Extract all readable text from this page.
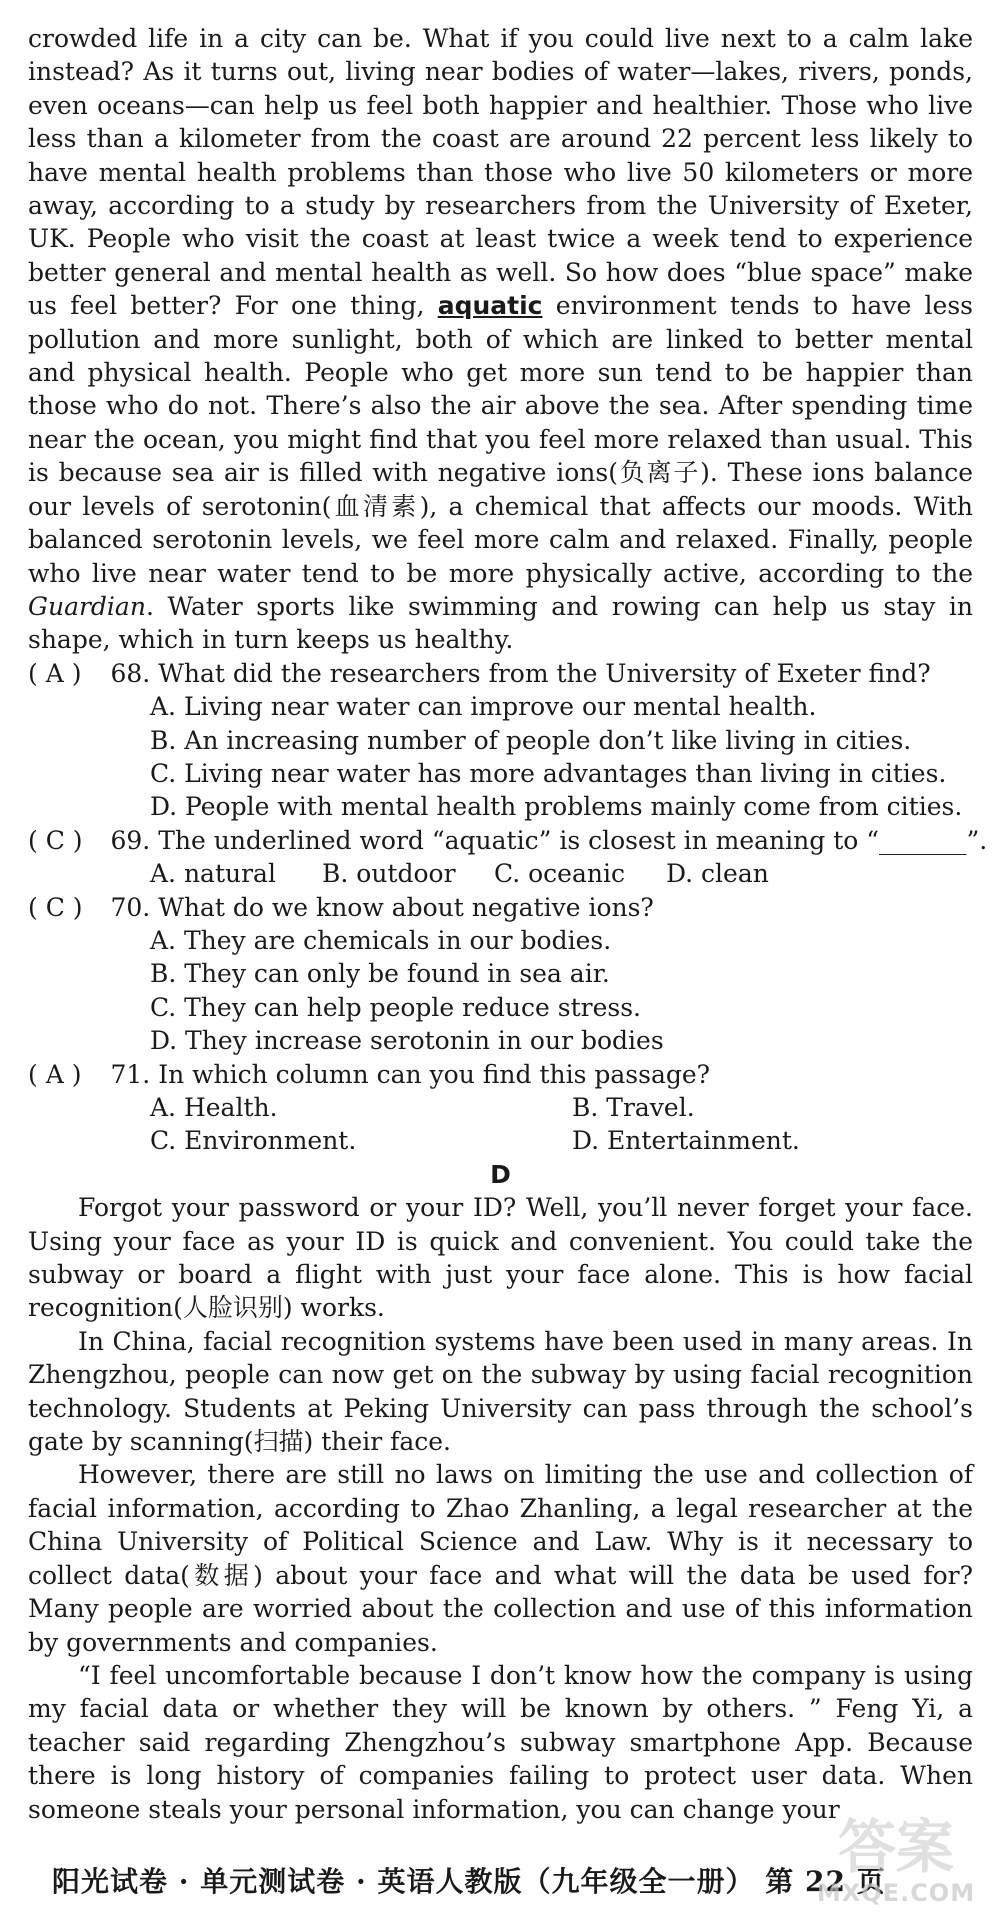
crowded life in a city can be. What if you could live next to a calm lake instead? As it turns out, living near bodies of water—lakes, rivers, ponds, even oceans—can help us feel both happier and healthier. Those who live less than a kilometer from the coast are around 22 percent less likely to have mental health problems than those who live 50 kilometers or more away, according to a study by researchers from the University of Exeter, UK. People who visit the coast at least twice a week tend to experience better general and mental health as well. So how does “blue space” make us feel better? For one thing, aquatic environment tends to have less pollution and more sunlight, both of which are linked to better mental and physical health. People who get more sun tend to be happier than those who do not. There’s also the air above the sea. After spending time near the ocean, you might find that you feel more relaxed than usual. This is because sea air is filled with negative ions(负离子). These ions balance our levels of serotonin(血清素), a chemical that affects our moods. With balanced serotonin levels, we feel more calm and relaxed. Finally, people who live near water tend to be more physically active, according to the Guardian. Water sports like swimming and rowing can help us stay in shape, which in turn keeps us healthy.

( A ) 68. What did the researchers from the University of Exeter find?

A. Living near water can improve our mental health.

B. An increasing number of people don’t like living in cities.

C. Living near water has more advantages than living in cities.

D. People with mental health problems mainly come from cities.

( C ) 69. The underlined word “aquatic” is closest in meaning to “_______”.

A. natural	B. outdoor	C. oceanic	D. clean

( C ) 70. What do we know about negative ions?

A. They are chemicals in our bodies.

B. They can only be found in sea air.

C. They can help people reduce stress.

D. They increase serotonin in our bodies

( A ) 71. In which column can you find this passage?

A. Health.	B. Travel.
C. Environment.	D. Entertainment.

D

Forgot your password or your ID? Well, you’ll never forget your face. Using your face as your ID is quick and convenient. You could take the subway or board a flight with just your face alone. This is how facial recognition(人脸识别) works.

In China, facial recognition systems have been used in many areas. In Zhengzhou, people can now get on the subway by using facial recognition technology. Students at Peking University can pass through the school’s gate by scanning(扫描) their face.

However, there are still no laws on limiting the use and collection of facial information, according to Zhao Zhanling, a legal researcher at the China University of Political Science and Law. Why is it necessary to collect data(数据) about your face and what will the data be used for? Many people are worried about the collection and use of this information by governments and companies.

“I feel uncomfortable because I don’t know how the company is using my facial data or whether they will be known by others. ” Feng Yi, a teacher said regarding Zhengzhou’s subway smartphone App. Because there is long history of companies failing to protect user data. When someone steals your personal information, you can change your

阳光试卷 · 单元测试卷 · 英语人教版（九年级全一册） 第 22 页
答案
MXQE.COM
